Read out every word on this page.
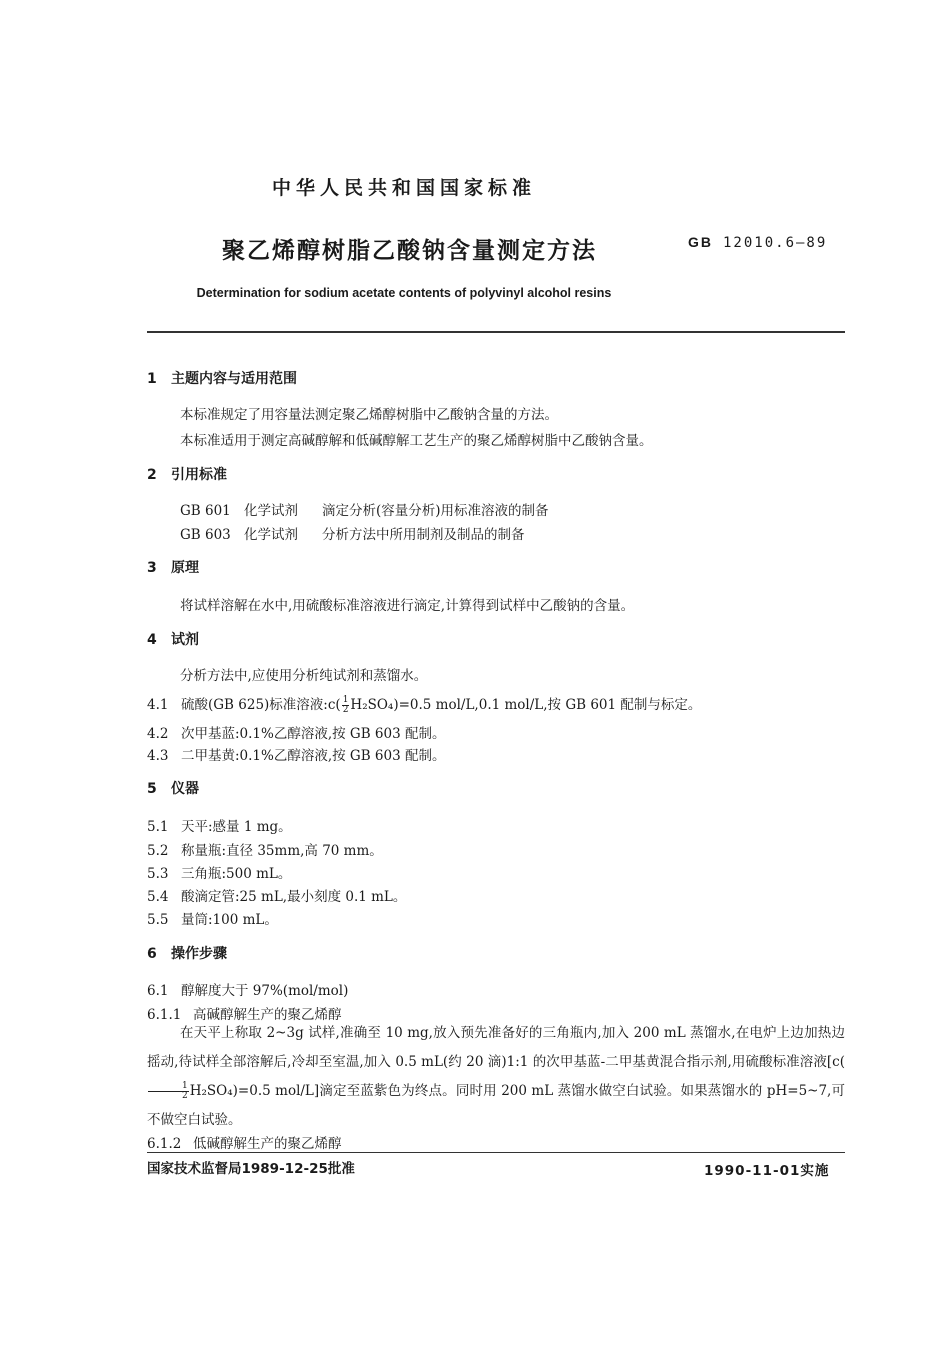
中华人民共和国国家标准
聚乙烯醇树脂乙酸钠含量测定方法	GB 12010.6—89
Determination for sodium acetate contents of polyvinyl alcohol resins
1 主题内容与适用范围
本标准规定了用容量法测定聚乙烯醇树脂中乙酸钠含量的方法。
本标准适用于测定高碱醇解和低碱醇解工艺生产的聚乙烯醇树脂中乙酸钠含量。
2 引用标准
GB 601 化学试剂 滴定分析(容量分析)用标准溶液的制备
GB 603 化学试剂 分析方法中所用制剂及制品的制备
3 原理
将试样溶解在水中,用硫酸标准溶液进行滴定,计算得到试样中乙酸钠的含量。
4 试剂
分析方法中,应使用分析纯试剂和蒸馏水。
4.1 硫酸(GB 625)标准溶液:c( $\frac{1}{2} H_2SO_4)=0.5$ mol/L,0.1 mol/L,按 GB 601 配制与标定。
4.2 次甲基蓝:0.1%乙醇溶液,按 GB 603 配制。
4.3 二甲基黄:0.1%乙醇溶液,按 GB 603 配制。
5 仪器
5.1 天平:感量 1 mg。
5.2 称量瓶:直径 35mm,高 70 mm。
5.3 三角瓶:500 mL。
5.4 酸滴定管:25 mL,最小刻度 0.1 mL。
5.5 量筒:100 mL。
6 操作步骤
6.1 醇解度大于 97%(mol/mol)
6.1.1 高碱醇解生产的聚乙烯醇
在天平上称取 2~3g 试样,准确至 10 mg,放入预先准备好的三角瓶内,加入 200 mL 蒸馏水,在电炉上边加热边摇动,待试样全部溶解后,冷却至室温,加入 0.5 mL(约 20 滴)1:1 的次甲基蓝-二甲基黄混合指示剂,用硫酸标准溶液[c(
$\frac{1}{2} H_2SO_4)=0.5$ mol/L]滴定至蓝紫色为终点。同时用 200 mL 蒸馏水做空白试验。如果蒸馏水的 pH=5~7,可不做空白试验。
6.1.2 低碱醇解生产的聚乙烯醇
国家技术监督局1989-12-25批准	1990-11-01实施
